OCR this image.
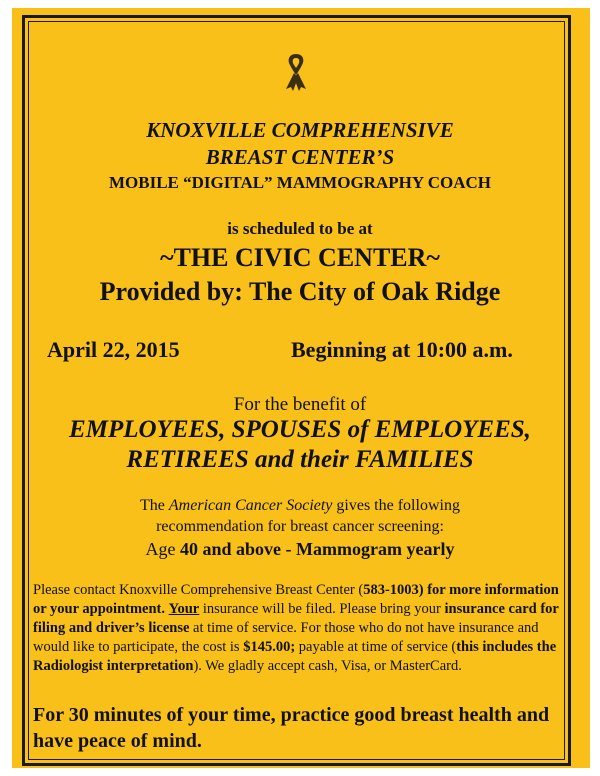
KNOXVILLE COMPREHENSIVE
BREAST CENTER’S
MOBILE “DIGITAL” MAMMOGRAPHY COACH
is scheduled to be at
~THE CIVIC CENTER~
Provided by: The City of Oak Ridge
April 22, 2015	Beginning at 10:00 a.m.
For the benefit of
EMPLOYEES, SPOUSES of EMPLOYEES,
RETIREES and their FAMILIES
The American Cancer Society gives the following
recommendation for breast cancer screening:
Age 40 and above - Mammogram yearly
Please contact Knoxville Comprehensive Breast Center (583-1003) for more information or your appointment. Your insurance will be filed. Please bring your insurance card for filing and driver’s license at time of service. For those who do not have insurance and would like to participate, the cost is $145.00; payable at time of service (this includes the Radiologist interpretation). We gladly accept cash, Visa, or MasterCard.
For 30 minutes of your time, practice good breast health and have peace of mind.
